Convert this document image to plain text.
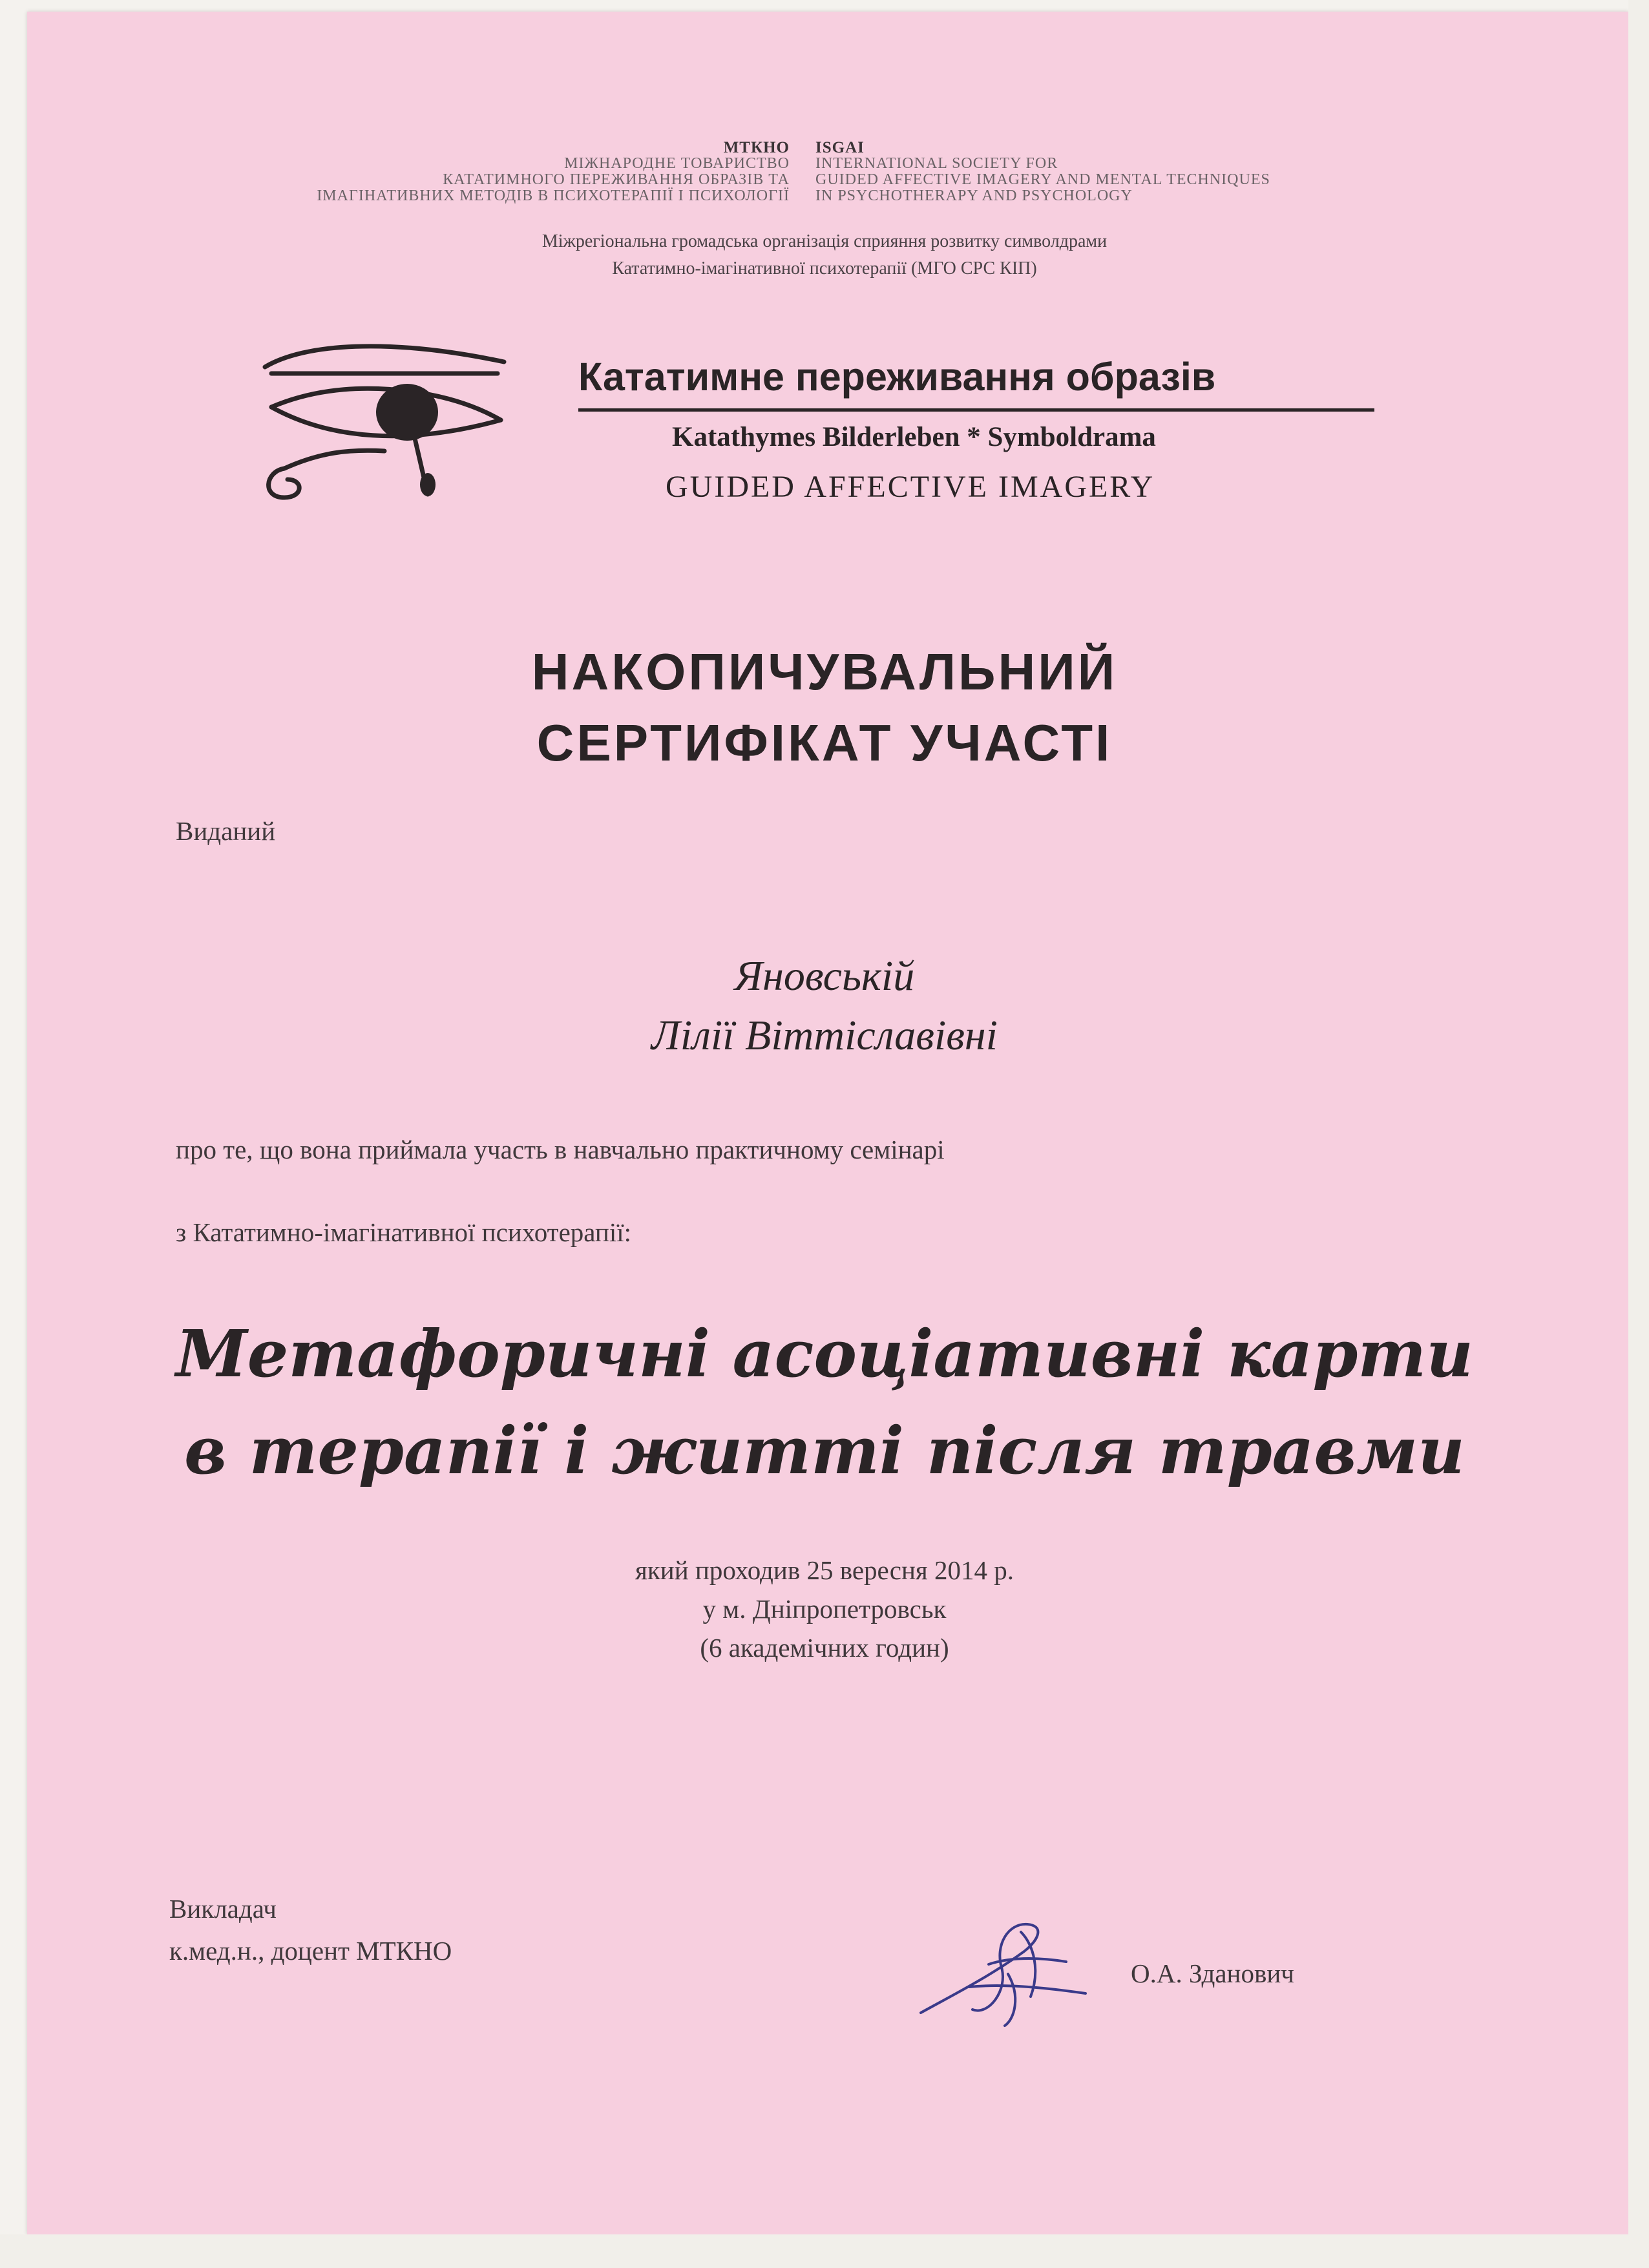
МТКНО
МІЖНАРОДНЕ ТОВАРИСТВО
КАТАТИМНОГО ПЕРЕЖИВАННЯ ОБРАЗІВ ТА
ІМАГІНАТИВНИХ МЕТОДІВ В ПСИХОТЕРАПІЇ І ПСИХОЛОГІЇ
ISGAI
INTERNATIONAL SOCIETY FOR
GUIDED AFFECTIVE IMAGERY AND MENTAL TECHNIQUES
IN PSYCHOTHERAPY AND PSYCHOLOGY
Міжрегіональна громадська організація сприяння розвитку символдрами
Кататимно-імагінативної психотерапії (МГО СРС КІП)
Кататимне переживання образів
Katathymes Bilderleben * Symboldrama
GUIDED AFFECTIVE IMAGERY
НАКОПИЧУВАЛЬНИЙ
СЕРТИФІКАТ УЧАСТІ
Виданий
Яновській
Лілії Віттіславівні
про те, що вона приймала участь в навчально практичному семінарі
з Кататимно-імагінативної психотерапії:
Метафоричні асоціативні карти
в терапії і житті після травми
який проходив 25 вересня 2014 р.
у м. Дніпропетровськ
(6 академічних годин)
Викладач
к.мед.н., доцент МТКНО
О.А. Зданович
